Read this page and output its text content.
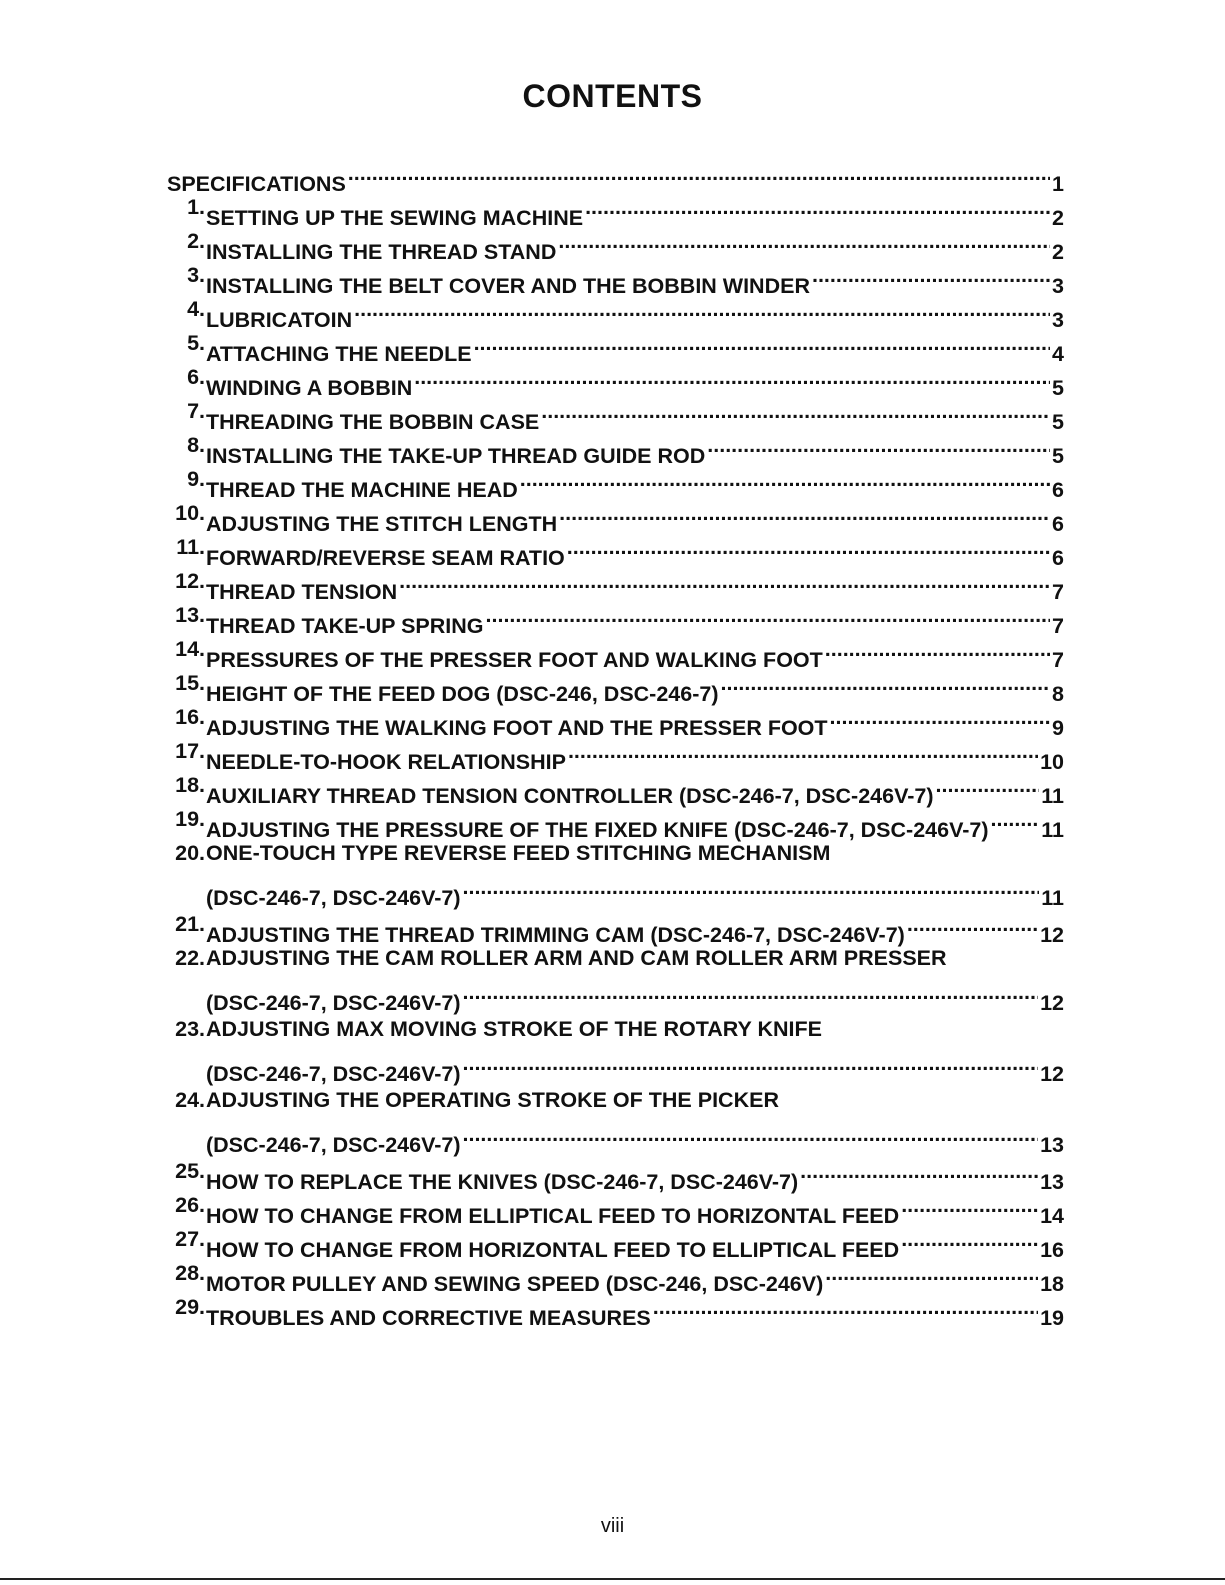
CONTENTS
SPECIFICATIONS .....	1
1. SETTING UP THE SEWING MACHINE .....	2
2. INSTALLING THE THREAD STAND .....	2
3. INSTALLING THE BELT COVER AND THE BOBBIN WINDER .....	3
4. LUBRICATOIN .....	3
5. ATTACHING THE NEEDLE .....	4
6. WINDING A BOBBIN .....	5
7. THREADING THE BOBBIN CASE .....	5
8. INSTALLING THE TAKE-UP THREAD GUIDE ROD .....	5
9. THREAD THE MACHINE HEAD .....	6
10. ADJUSTING THE STITCH LENGTH .....	6
11. FORWARD/REVERSE SEAM RATIO .....	6
12. THREAD TENSION .....	7
13. THREAD TAKE-UP SPRING .....	7
14. PRESSURES OF THE PRESSER FOOT AND WALKING FOOT .....	7
15. HEIGHT OF THE FEED DOG (DSC-246, DSC-246-7) .....	8
16. ADJUSTING THE WALKING FOOT AND THE PRESSER FOOT .....	9
17. NEEDLE-TO-HOOK RELATIONSHIP .....	10
18. AUXILIARY THREAD TENSION CONTROLLER (DSC-246-7, DSC-246V-7) .....	11
19. ADJUSTING THE PRESSURE OF THE FIXED KNIFE (DSC-246-7, DSC-246V-7) ..... 11
20. ONE-TOUCH TYPE REVERSE FEED STITCHING MECHANISM
(DSC-246-7, DSC-246V-7) .....	11
21. ADJUSTING THE THREAD TRIMMING CAM (DSC-246-7, DSC-246V-7) .....	12
22. ADJUSTING THE CAM ROLLER ARM AND CAM ROLLER ARM PRESSER
(DSC-246-7, DSC-246V-7) .....	12
23. ADJUSTING MAX MOVING STROKE OF THE ROTARY KNIFE
(DSC-246-7, DSC-246V-7) .....	12
24. ADJUSTING THE OPERATING STROKE OF THE PICKER
(DSC-246-7, DSC-246V-7) .....	13
25. HOW TO REPLACE THE KNIVES (DSC-246-7, DSC-246V-7) .....	13
26. HOW TO CHANGE FROM ELLIPTICAL FEED TO HORIZONTAL FEED .....	14
27. HOW TO CHANGE FROM HORIZONTAL FEED TO ELLIPTICAL FEED .....	16
28. MOTOR PULLEY AND SEWING SPEED (DSC-246, DSC-246V) .....	18
29. TROUBLES AND CORRECTIVE MEASURES .....	19
viii
